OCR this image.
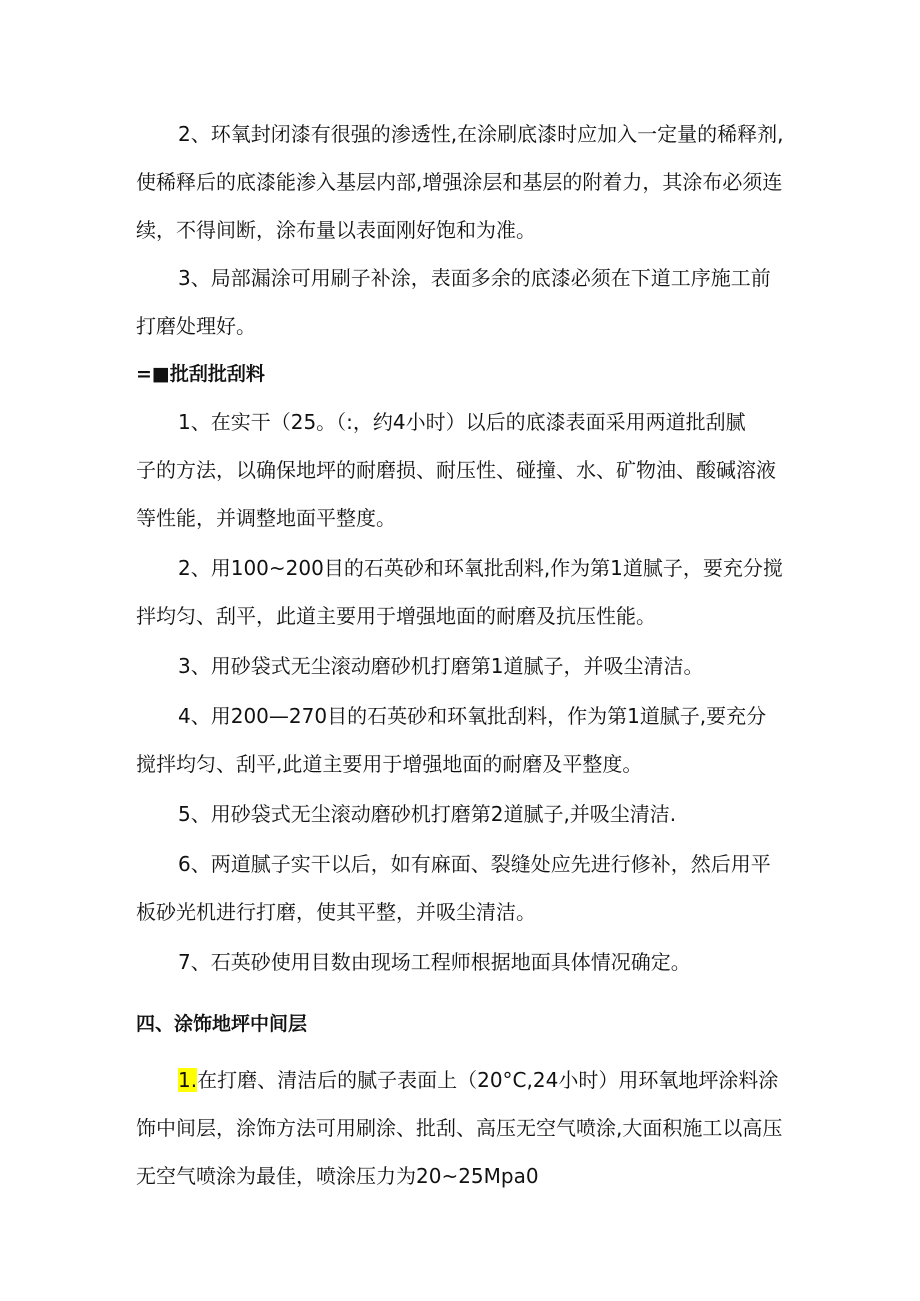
2、环氧封闭漆有很强的渗透性,在涂刷底漆时应加入一定量的稀释剂,
使稀释后的底漆能渗入基层内部,增强涂层和基层的附着力，其涂布必须连
续，不得间断，涂布量以表面刚好饱和为准。
3、局部漏涂可用刷子补涂，表面多余的底漆必须在下道工序施工前
打磨处理好。
=■批刮批刮料
1、在实干（25。（:，约4小时）以后的底漆表面采用两道批刮腻
子的方法，以确保地坪的耐磨损、耐压性、碰撞、水、矿物油、酸碱溶液
等性能，并调整地面平整度。
2、用100~200目的石英砂和环氧批刮料,作为第1道腻子，要充分搅
拌均匀、刮平，此道主要用于增强地面的耐磨及抗压性能。
3、用砂袋式无尘滚动磨砂机打磨第1道腻子，并吸尘清洁。
4、用200—270目的石英砂和环氧批刮料，作为第1道腻子,要充分
搅拌均匀、刮平,此道主要用于增强地面的耐磨及平整度。
5、用砂袋式无尘滚动磨砂机打磨第2道腻子,并吸尘清洁.
6、两道腻子实干以后，如有麻面、裂缝处应先进行修补，然后用平
板砂光机进行打磨，使其平整，并吸尘清洁。
7、石英砂使用目数由现场工程师根据地面具体情况确定。
四、涂饰地坪中间层
1.在打磨、清洁后的腻子表面上（20°C,24小时）用环氧地坪涂料涂
饰中间层，涂饰方法可用刷涂、批刮、高压无空气喷涂,大面积施工以高压
无空气喷涂为最佳，喷涂压力为20~25Mpa0
